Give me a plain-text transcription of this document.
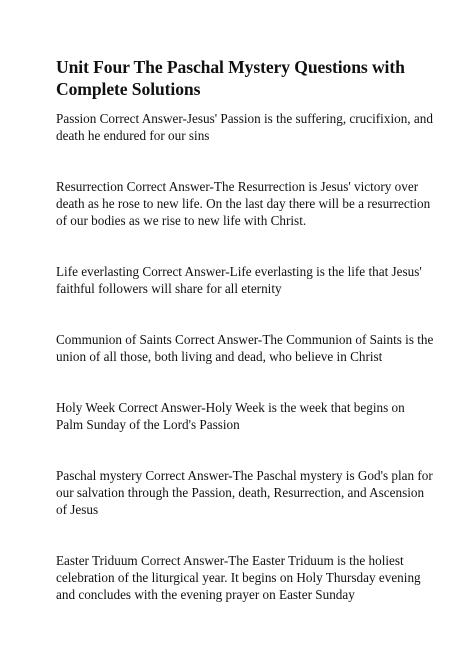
Unit Four The Paschal Mystery Questions with Complete Solutions

Passion Correct Answer-Jesus' Passion is the suffering, crucifixion, and death he endured for our sins

Resurrection Correct Answer-The Resurrection is Jesus' victory over death as he rose to new life. On the last day there will be a resurrection of our bodies as we rise to new life with Christ.

Life everlasting Correct Answer-Life everlasting is the life that Jesus' faithful followers will share for all eternity

Communion of Saints Correct Answer-The Communion of Saints is the union of all those, both living and dead, who believe in Christ

Holy Week Correct Answer-Holy Week is the week that begins on Palm Sunday of the Lord's Passion

Paschal mystery Correct Answer-The Paschal mystery is God's plan for our salvation through the Passion, death, Resurrection, and Ascension of Jesus

Easter Triduum Correct Answer-The Easter Triduum is the holiest celebration of the liturgical year. It begins on Holy Thursday evening and concludes with the evening prayer on Easter Sunday
